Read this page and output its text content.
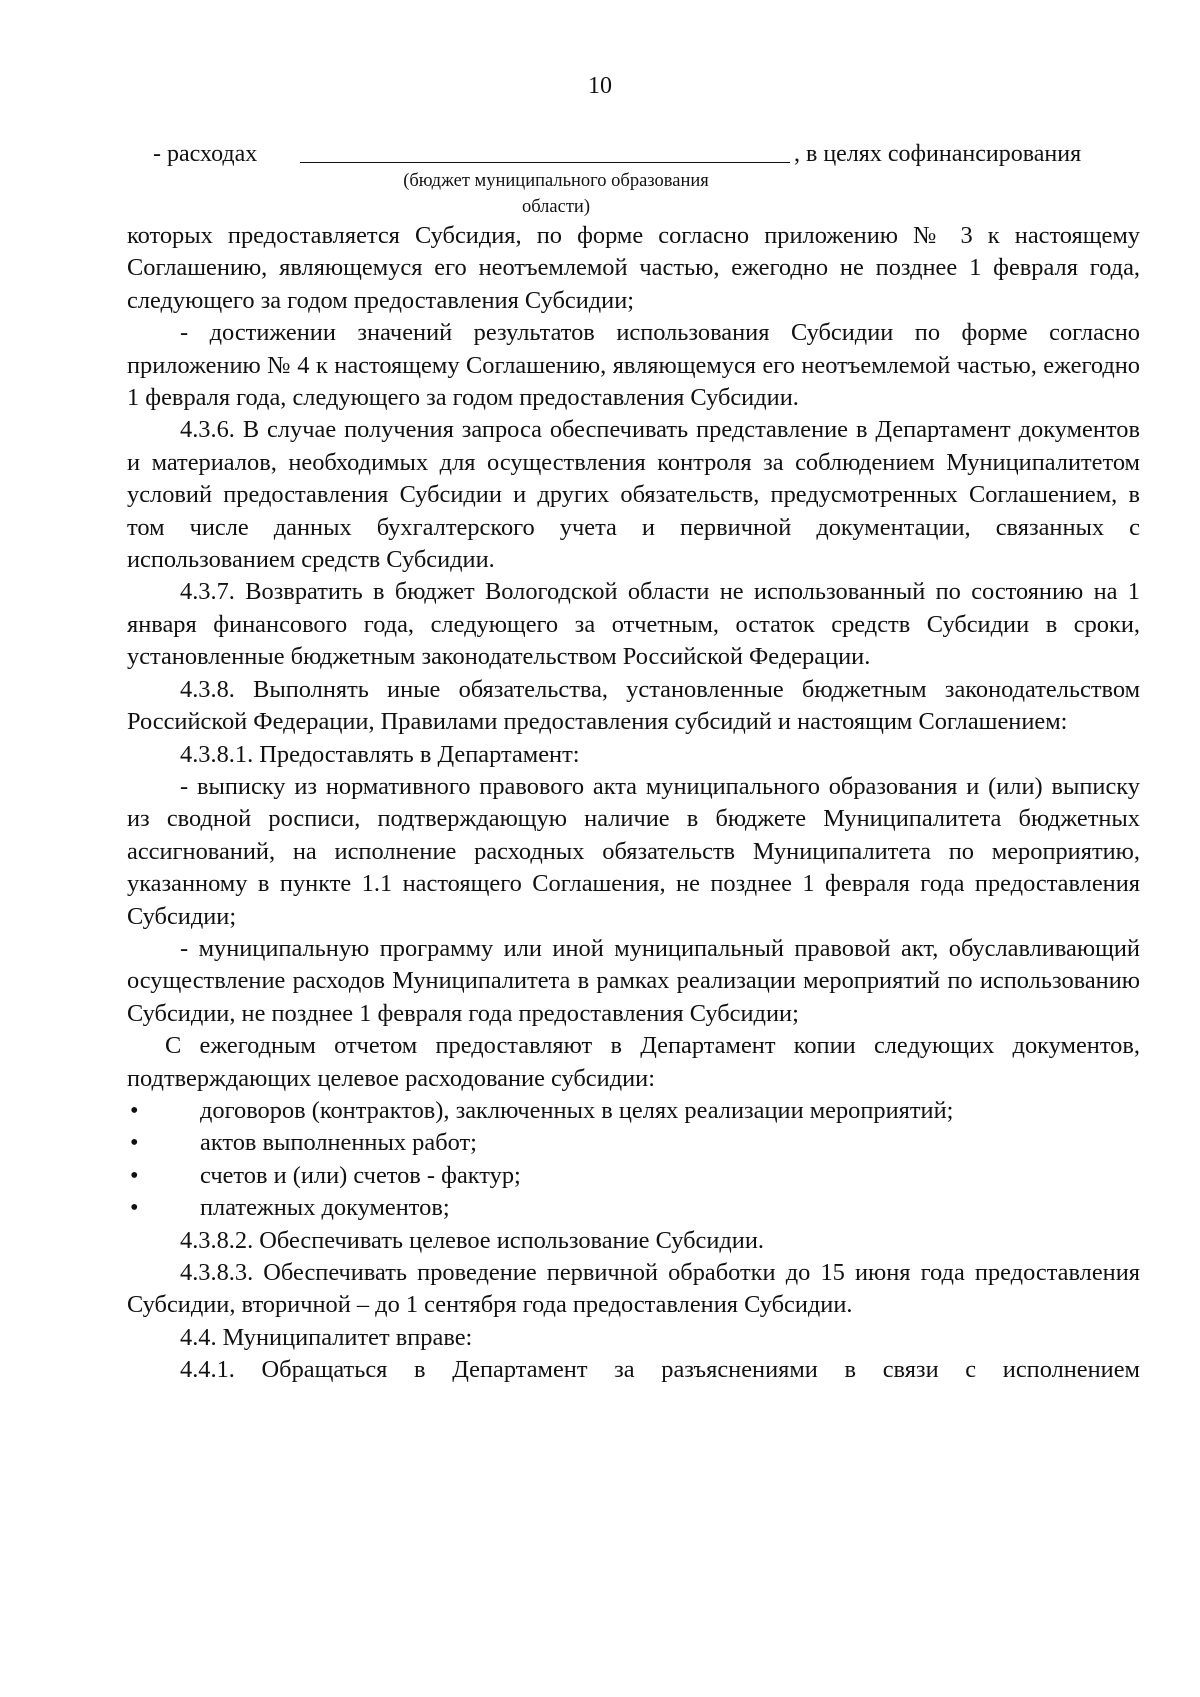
10
- расходах	, в целях софинансирования
(бюджет муниципального образования
области)

которых предоставляется Субсидия, по форме согласно приложению № 3 к настоящему Соглашению, являющемуся его неотъемлемой частью, ежегодно не позднее 1 февраля года, следующего за годом предоставления Субсидии;

- достижении значений результатов использования Субсидии по форме согласно приложению № 4 к настоящему Соглашению, являющемуся его неотъемлемой частью, ежегодно 1 февраля года, следующего за годом предоставления Субсидии.

4.3.6. В случае получения запроса обеспечивать представление в Департамент документов и материалов, необходимых для осуществления контроля за соблюдением Муниципалитетом условий предоставления Субсидии и других обязательств, предусмотренных Соглашением, в том числе данных бухгалтерского учета и первичной документации, связанных с использованием средств Субсидии.

4.3.7. Возвратить в бюджет Вологодской области не использованный по состоянию на 1 января финансового года, следующего за отчетным, остаток средств Субсидии в сроки, установленные бюджетным законодательством Российской Федерации.

4.3.8. Выполнять иные обязательства, установленные бюджетным законодательством Российской Федерации, Правилами предоставления субсидий и настоящим Соглашением:

4.3.8.1. Предоставлять в Департамент:

- выписку из нормативного правового акта муниципального образования и (или) выписку из сводной росписи, подтверждающую наличие в бюджете Муниципалитета бюджетных ассигнований, на исполнение расходных обязательств Муниципалитета по мероприятию, указанному в пункте 1.1 настоящего Соглашения, не позднее 1 февраля года предоставления Субсидии;

- муниципальную программу или иной муниципальный правовой акт, обуславливающий осуществление расходов Муниципалитета в рамках реализации мероприятий по использованию Субсидии, не позднее 1 февраля года предоставления Субсидии;

С ежегодным отчетом предоставляют в Департамент копии следующих документов, подтверждающих целевое расходование субсидии:

• договоров (контрактов), заключенных в целях реализации мероприятий;
• актов выполненных работ;
• счетов и (или) счетов - фактур;
• платежных документов;

4.3.8.2. Обеспечивать целевое использование Субсидии.

4.3.8.3. Обеспечивать проведение первичной обработки до 15 июня года предоставления Субсидии, вторичной – до 1 сентября года предоставления Субсидии.

4.4. Муниципалитет вправе:

4.4.1. Обращаться в Департамент за разъяснениями в связи с исполнением
